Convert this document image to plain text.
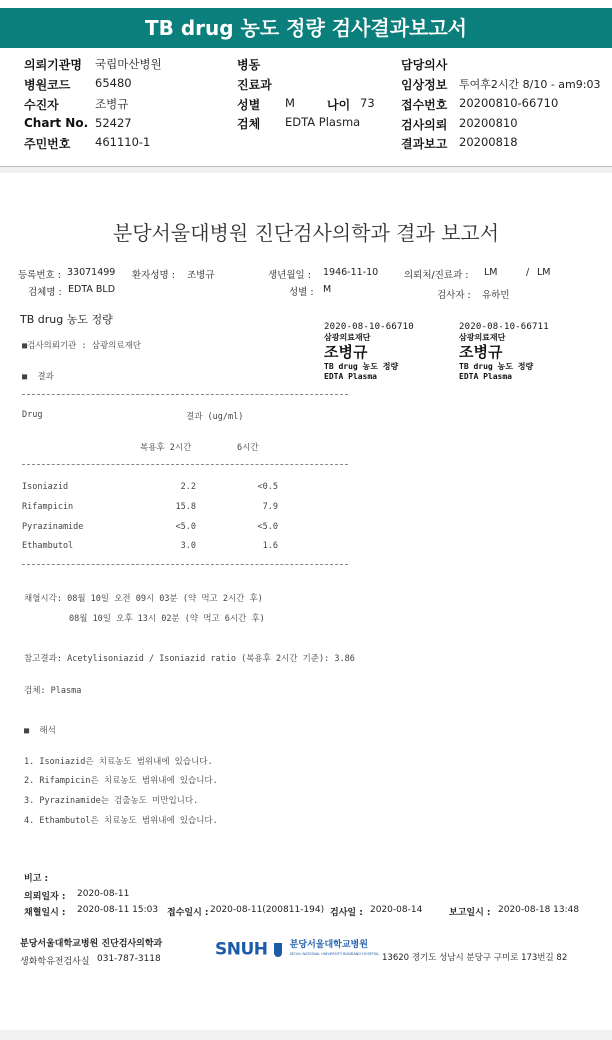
TB drug 농도 정량 검사결과보고서
의뢰기관명 국립마산병원
병원코드 65480
수진자	조병규
Chart No. 52427
주민번호 461110-1
병동
진료과
성별 M	나이 73
검체 EDTA Plasma
담당의사
임상정보 투여후2시간 8/10 - am9:03
접수번호 20200810-66710
검사의뢰 20200810
결과보고 20200818
분당서울대병원 진단검사의학과 결과 보고서
등록번호 : 33071499 환자성명 : 조병규	생년월일 : 1946-11-10	의뢰처/진료과 : LM	/ LM
검체명 : EDTA BLD	성별 : M
검사자 : 유하민
TB drug 농도 정량
■검사의뢰기관 : 삼광의료재단
■  결과
2020-08-10-66710
삼광의료재단
조병규
TB drug 농도 정량
EDTA Plasma
2020-08-10-66711
삼광의료재단
조병규
TB drug 농도 정량
EDTA Plasma
Drug	결과 (ug/ml)
복용후 2시간	6시간
Isoniazid	2.2	<0.5
Rifampicin	15.8	7.9
Pyrazinamide	<5.0	<5.0
Ethambutol	3.0	1.6
채혈시각: 08월 10일 오전 09시 03분 (약 먹고 2시간 후)
08월 10일 오후 13시 02분 (약 먹고 6시간 후)
참고결과: Acetylisoniazid / Isoniazid ratio (복용후 2시간 기준): 3.86
검체: Plasma
■  해석
1. Isoniazid은 치료농도 범위내에 있습니다.
2. Rifampicin은 치료농도 범위내에 있습니다.
3. Pyrazinamide는 검출농도 미만입니다.
4. Ethambutol은 치료농도 범위내에 있습니다.
비고 :
의뢰일자 : 2020-08-11
채혈일시 : 2020-08-11 15:03 접수일시 : 2020-08-11(200811-194) 검사일 : 2020-08-14	보고일시 : 2020-08-18 13:48
분당서울대학교병원 진단검사의학과
생화학유전검사실 031-787-3118	SNUH 분당서울대학교병원
SEOUL NATIONAL UNIVERSITY BUNDANG HOSPITAL 13620 경기도 성남시 분당구 구미로 173번길 82
